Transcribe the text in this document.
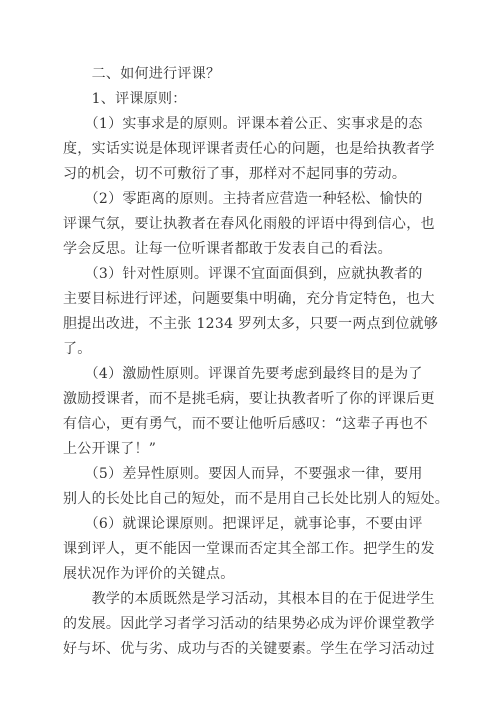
　　二、如何进行评课？
　　1、评课原则：
　　（1）实事求是的原则。评课本着公正、实事求是的态
度，实话实说是体现评课者责任心的问题，也是给执教者学
习的机会，切不可敷衍了事，那样对不起同事的劳动。
　　（2）零距离的原则。主持者应营造一种轻松、愉快的
评课气氛，要让执教者在春风化雨般的评语中得到信心，也
学会反思。让每一位听课者都敢于发表自己的看法。
　　（3）针对性原则。评课不宜面面俱到，应就执教者的
主要目标进行评述，问题要集中明确，充分肯定特色，也大
胆提出改进，不主张 1234 罗列太多，只要一两点到位就够
了。
　　（4）激励性原则。评课首先要考虑到最终目的是为了
激励授课者，而不是挑毛病，要让执教者听了你的评课后更
有信心，更有勇气，而不要让他听后感叹：“这辈子再也不
上公开课了！”
　　（5）差异性原则。要因人而异，不要强求一律，要用
别人的长处比自己的短处，而不是用自己长处比别人的短处。
　　（6）就课论课原则。把课评足，就事论事，不要由评
课到评人，更不能因一堂课而否定其全部工作。把学生的发
展状况作为评价的关键点。
　　教学的本质既然是学习活动，其根本目的在于促进学生
的发展。因此学习者学习活动的结果势必成为评价课堂教学
好与坏、优与劣、成功与否的关键要素。学生在学习活动过
